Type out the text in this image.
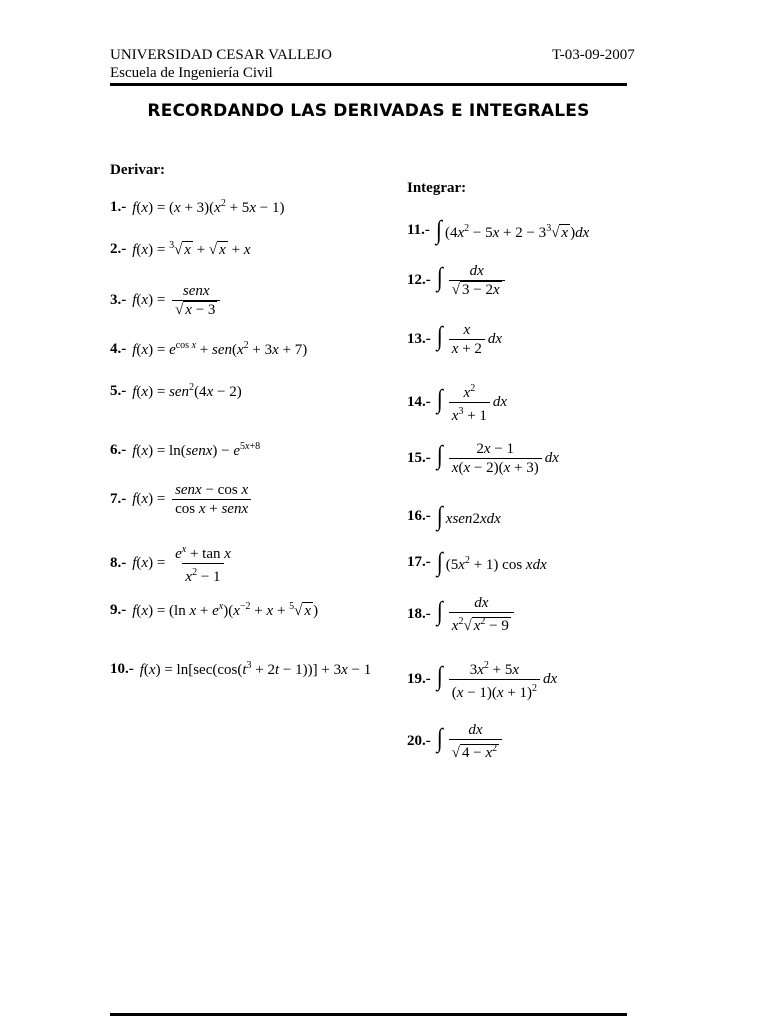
UNIVERSIDAD CESAR VALLEJO
Escuela de Ingeniería Civil
T-03-09-2007
RECORDANDO LAS DERIVADAS E INTEGRALES
Derivar:
Integrar:
1.- $f(x) = (x + 3)(x^2 + 5x - 1)$
2.- f(x) = $^3$√ x + √ x + x
3.- $f(x) = \frac{\text{senx}}{√ x - 3}$
4.- $f(x) = e^{cos x} + sen(x^2 + 3x + 7)$
5.- f(x) = sen$^2$(4x − 2)
6.- f(x) = ln(senx) − $e^{5x+8}$
7.- $f(x) = \frac{\text{senx − cos x}}{\text{cos x + senx}}$
8.- $f(x) = \frac{e^x + \tan x}{x^2 - 1}$
9.- f(x) = (ln $x + e^x)(x^{-2} + x + ^5√$ x )
10.- $f(x) = \ln[\sec(\cos(t^3 + 2t - 1))] + 3x - 1$
11.- ∫ ($4x^2 - 5x + 2 - 3^3√$ x )dx
12.- ∫ $\frac{dx}{√ 3 - 2x}$
13.- ∫ $\frac{x}{x + 2}$ dx
14.- ∫ $\frac{x^2}{x^3 + 1}$ dx
15.- ∫ $\frac{2x - 1}{x(x - 2)(x + 3)}$ dx
16.- ∫ xsen2xdx
17.- ∫ $(5x^2 + 1)$ cos xdx
18.- ∫ $\frac{dx}{x^2√ x^2 - 9}$
19.- ∫ $\frac{3x^2 + 5x}{(x - 1)(x + 1)^2}$ dx
20.- ∫ $\frac{dx}{√ 4 - x^2}$
